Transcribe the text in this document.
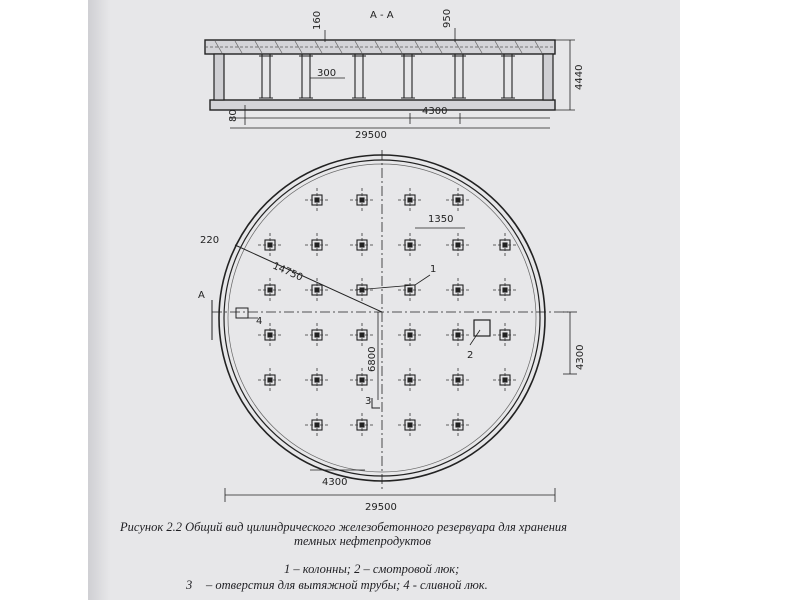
А - А
160	950
300	4440
80	4300
29500
220
14750
1350
6800	4300
4300
29500
1
2
3
4
А
Рисунок 2.2 Общий вид цилиндрического железобетонного резервуара для хранения
темных нефтепродуктов
1 – колонны; 2 – смотровой люк;
3 – отверстия для вытяжной трубы; 4 - сливной люк.
